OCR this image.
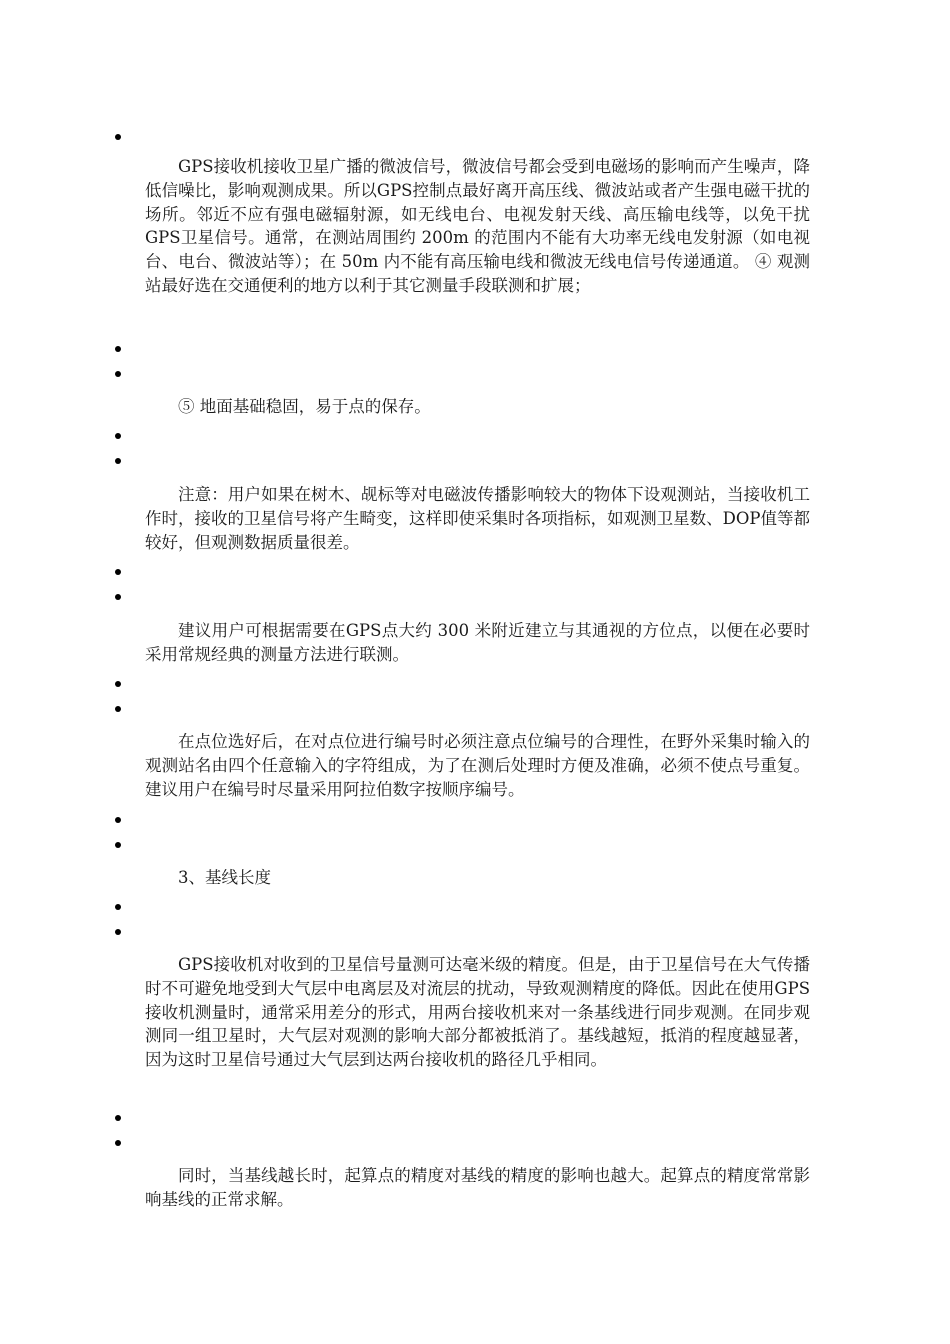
GPS接收机接收卫星广播的微波信号，微波信号都会受到电磁场的影响而产生噪声，降低信噪比，影响观测成果。所以GPS控制点最好离开高压线、微波站或者产生强电磁干扰的场所。邻近不应有强电磁辐射源，如无线电台、电视发射天线、高压输电线等，以免干扰GPS卫星信号。通常，在测站周围约 200m 的范围内不能有大功率无线电发射源（如电视台、电台、微波站等）；在 50m 内不能有高压输电线和微波无线电信号传递通道。 ④ 观测站最好选在交通便利的地方以利于其它测量手段联测和扩展；

⑤ 地面基础稳固，易于点的保存。

注意：用户如果在树木、觇标等对电磁波传播影响较大的物体下设观测站，当接收机工作时，接收的卫星信号将产生畸变，这样即使采集时各项指标，如观测卫星数、DOP值等都较好，但观测数据质量很差。

建议用户可根据需要在GPS点大约 300 米附近建立与其通视的方位点，以便在必要时采用常规经典的测量方法进行联测。

在点位选好后，在对点位进行编号时必须注意点位编号的合理性，在野外采集时输入的观测站名由四个任意输入的字符组成，为了在测后处理时方便及准确，必须不使点号重复。建议用户在编号时尽量采用阿拉伯数字按顺序编号。

3、基线长度

GPS接收机对收到的卫星信号量测可达毫米级的精度。但是，由于卫星信号在大气传播时不可避免地受到大气层中电离层及对流层的扰动，导致观测精度的降低。因此在使用GPS接收机测量时，通常采用差分的形式，用两台接收机来对一条基线进行同步观测。在同步观测同一组卫星时，大气层对观测的影响大部分都被抵消了。基线越短，抵消的程度越显著，因为这时卫星信号通过大气层到达两台接收机的路径几乎相同。

同时，当基线越长时，起算点的精度对基线的精度的影响也越大。起算点的精度常常影响基线的正常求解。
